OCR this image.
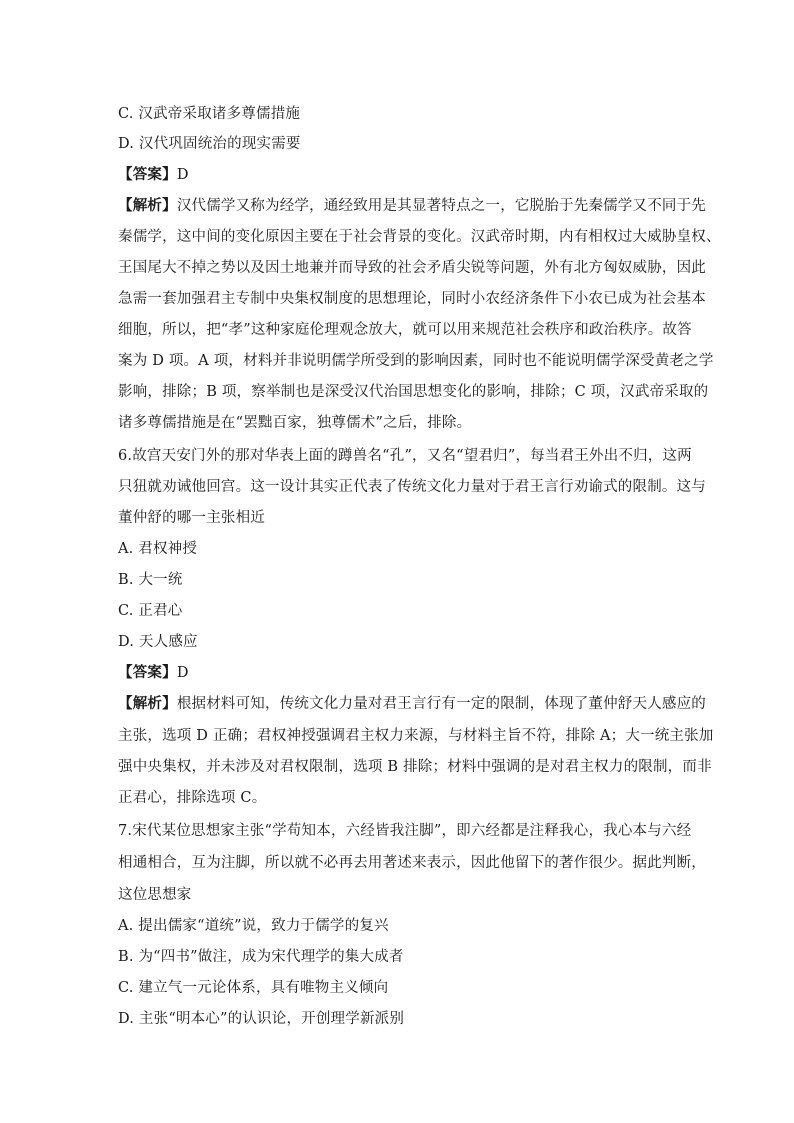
C. 汉武帝采取诸多尊儒措施
D. 汉代巩固统治的现实需要
【答案】D
【解析】汉代儒学又称为经学，通经致用是其显著特点之一，它脱胎于先秦儒学又不同于先
秦儒学，这中间的变化原因主要在于社会背景的变化。汉武帝时期，内有相权过大威胁皇权、
王国尾大不掉之势以及因土地兼并而导致的社会矛盾尖锐等问题，外有北方匈奴威胁，因此
急需一套加强君主专制中央集权制度的思想理论，同时小农经济条件下小农已成为社会基本
细胞，所以，把“孝”这种家庭伦理观念放大，就可以用来规范社会秩序和政治秩序。故答
案为 D 项。A 项，材料并非说明儒学所受到的影响因素，同时也不能说明儒学深受黄老之学
影响，排除；B 项，察举制也是深受汉代治国思想变化的影响，排除；C 项，汉武帝采取的
诸多尊儒措施是在“罢黜百家，独尊儒术”之后，排除。
6.故宫天安门外的那对华表上面的蹲兽名“孔”，又名“望君归”，每当君王外出不归，这两
只狃就劝诫他回宫。这一设计其实正代表了传统文化力量对于君王言行劝谕式的限制。这与
董仲舒的哪一主张相近
A. 君权神授
B. 大一统
C. 正君心
D. 天人感应
【答案】D
【解析】根据材料可知，传统文化力量对君王言行有一定的限制，体现了董仲舒天人感应的
主张，选项 D 正确；君权神授强调君主权力来源，与材料主旨不符，排除 A；大一统主张加
强中央集权，并未涉及对君权限制，选项 B 排除；材料中强调的是对君主权力的限制，而非
正君心，排除选项 C。
7.宋代某位思想家主张“学苟知本，六经皆我注脚”，即六经都是注释我心，我心本与六经
相通相合，互为注脚，所以就不必再去用著述来表示，因此他留下的著作很少。据此判断，
这位思想家
A. 提出儒家“道统”说，致力于儒学的复兴
B. 为“四书”做注，成为宋代理学的集大成者
C. 建立气一元论体系，具有唯物主义倾向
D. 主张“明本心”的认识论，开创理学新派别
